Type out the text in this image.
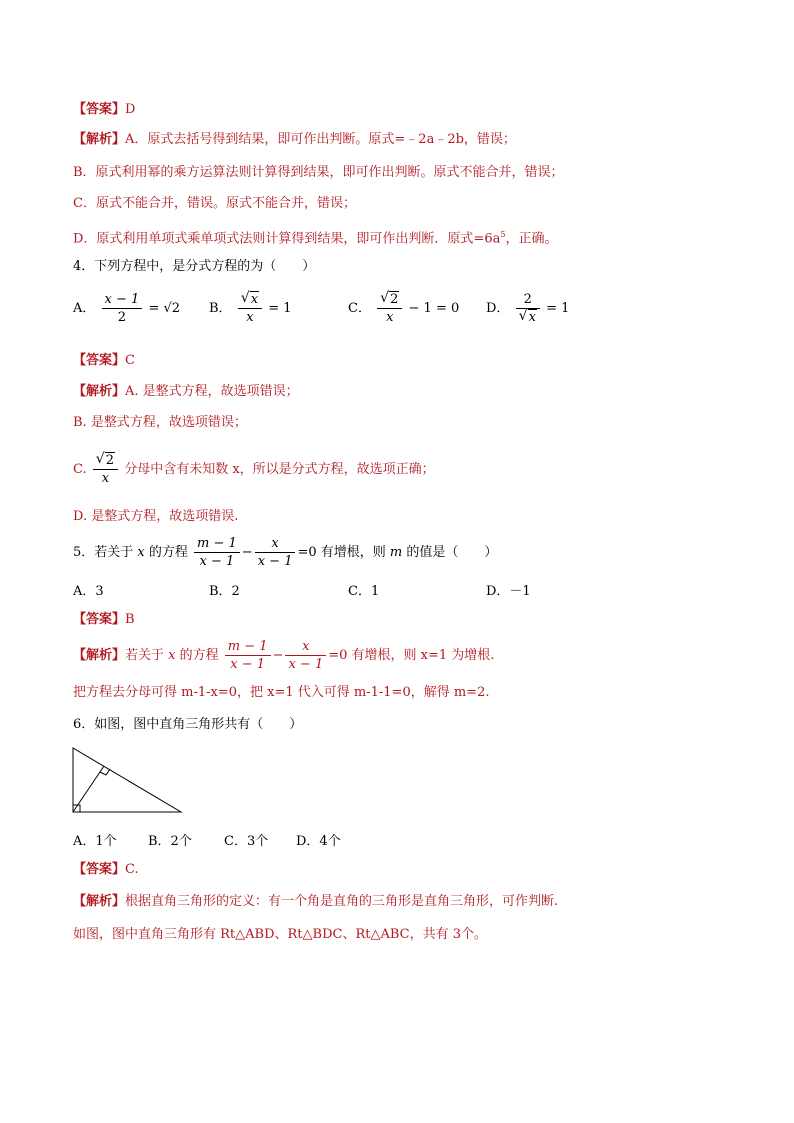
【答案】D
【解析】A．原式去括号得到结果，即可作出判断。原式=﹣2a﹣2b，错误；
B．原式利用幂的乘方运算法则计算得到结果，即可作出判断。原式不能合并，错误；
C．原式不能合并，错误。原式不能合并，错误；
D．原式利用单项式乘单项式法则计算得到结果，即可作出判断．原式$=6a^5$，正确。
4．下列方程中，是分式方程的为（　　）
A． $\frac{x - 1}{2} = √2$ B． $\frac{√ x}{x} = 1$	C． $\frac{√ 2}{x} - 1 = 0$ D． $\frac{2}{√ x} = 1$
【答案】C
【解析】A. 是整式方程，故选项错误；
B. 是整式方程，故选项错误；
C. $\frac{√ 2}{x}$ 分母中含有未知数 x，所以是分式方程，故选项正确；
D. 是整式方程，故选项错误.
5．若关于 x 的方程 $\frac{m - 1}{x - 1} - \frac{x}{x - 1} =0$ 有增根，则 m 的值是（　　）
A．3	B．2	C．1	D．－1
【答案】B
【解析】若关于 x 的方程 $\frac{m - 1}{x - 1} - \frac{x}{x - 1} =0$ 有增根，则 x=1 为增根.
把方程去分母可得 m-1-x=0，把 x=1 代入可得 m-1-1=0，解得 m=2.
6．如图，图中直角三角形共有（　　）
A．1个 B．2个 C．3个 D．4个
【答案】C.
【解析】根据直角三角形的定义：有一个角是直角的三角形是直角三角形，可作判断.
如图，图中直角三角形有 Rt△ABD、Rt△BDC、Rt△ABC，共有 3个。
